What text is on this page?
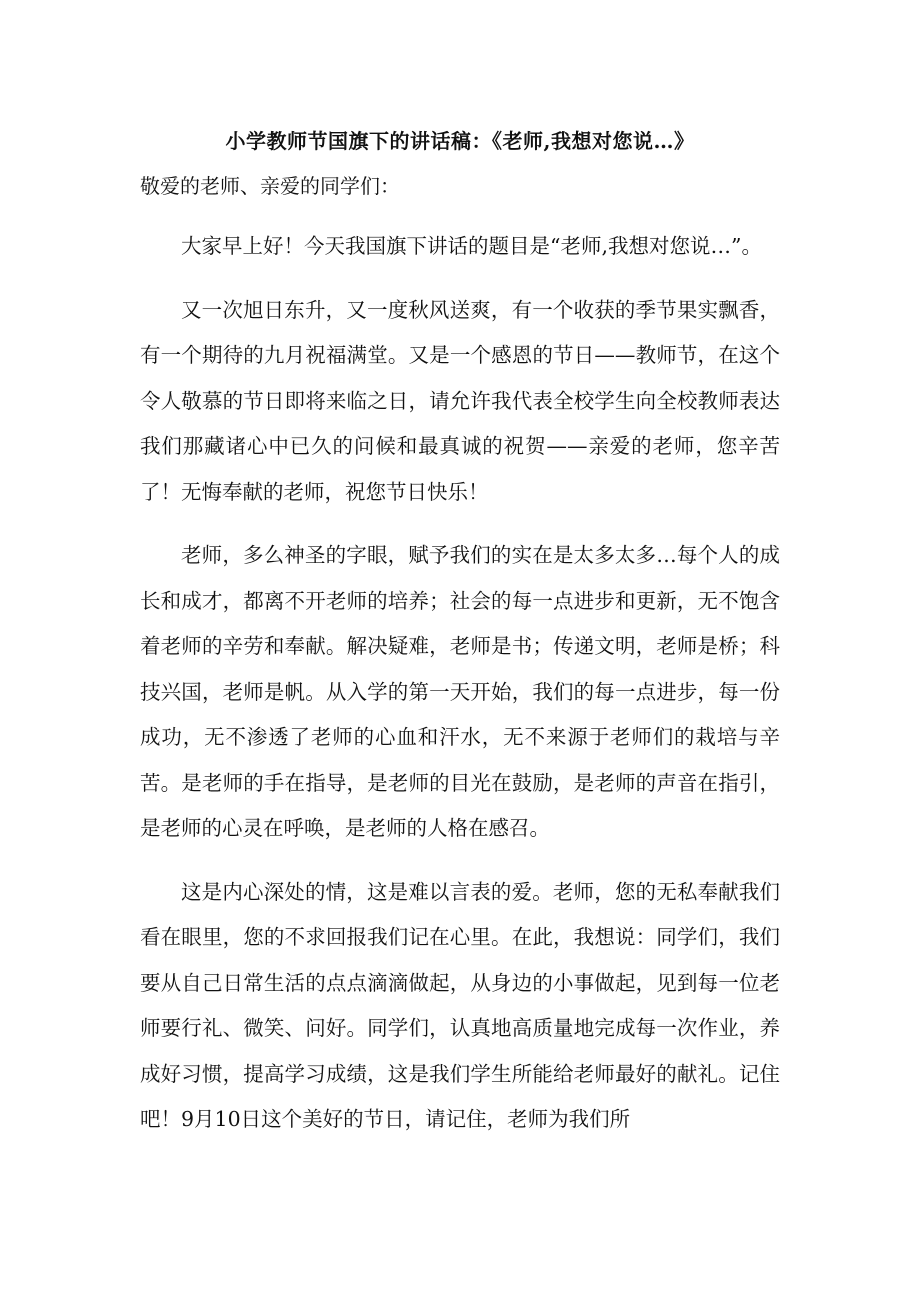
小学教师节国旗下的讲话稿：《老师,我想对您说…》
敬爱的老师、亲爱的同学们：

大家早上好！今天我国旗下讲话的题目是“老师,我想对您说…”。

又一次旭日东升，又一度秋风送爽，有一个收获的季节果实飘香，有一个期待的九月祝福满堂。又是一个感恩的节日——教师节，在这个令人敬慕的节日即将来临之日，请允许我代表全校学生向全校教师表达我们那藏诸心中已久的问候和最真诚的祝贺——亲爱的老师，您辛苦了！无悔奉献的老师，祝您节日快乐！

老师，多么神圣的字眼，赋予我们的实在是太多太多…每个人的成长和成才，都离不开老师的培养；社会的每一点进步和更新，无不饱含着老师的辛劳和奉献。解决疑难，老师是书；传递文明，老师是桥；科技兴国，老师是帆。从入学的第一天开始，我们的每一点进步，每一份成功，无不渗透了老师的心血和汗水，无不来源于老师们的栽培与辛苦。是老师的手在指导，是老师的目光在鼓励，是老师的声音在指引，是老师的心灵在呼唤，是老师的人格在感召。

这是内心深处的情，这是难以言表的爱。老师，您的无私奉献我们看在眼里，您的不求回报我们记在心里。在此，我想说：同学们，我们要从自己日常生活的点点滴滴做起，从身边的小事做起，见到每一位老师要行礼、微笑、问好。同学们，认真地高质量地完成每一次作业，养成好习惯，提高学习成绩，这是我们学生所能给老师最好的献礼。记住吧！9月10日这个美好的节日，请记住，老师为我们所
